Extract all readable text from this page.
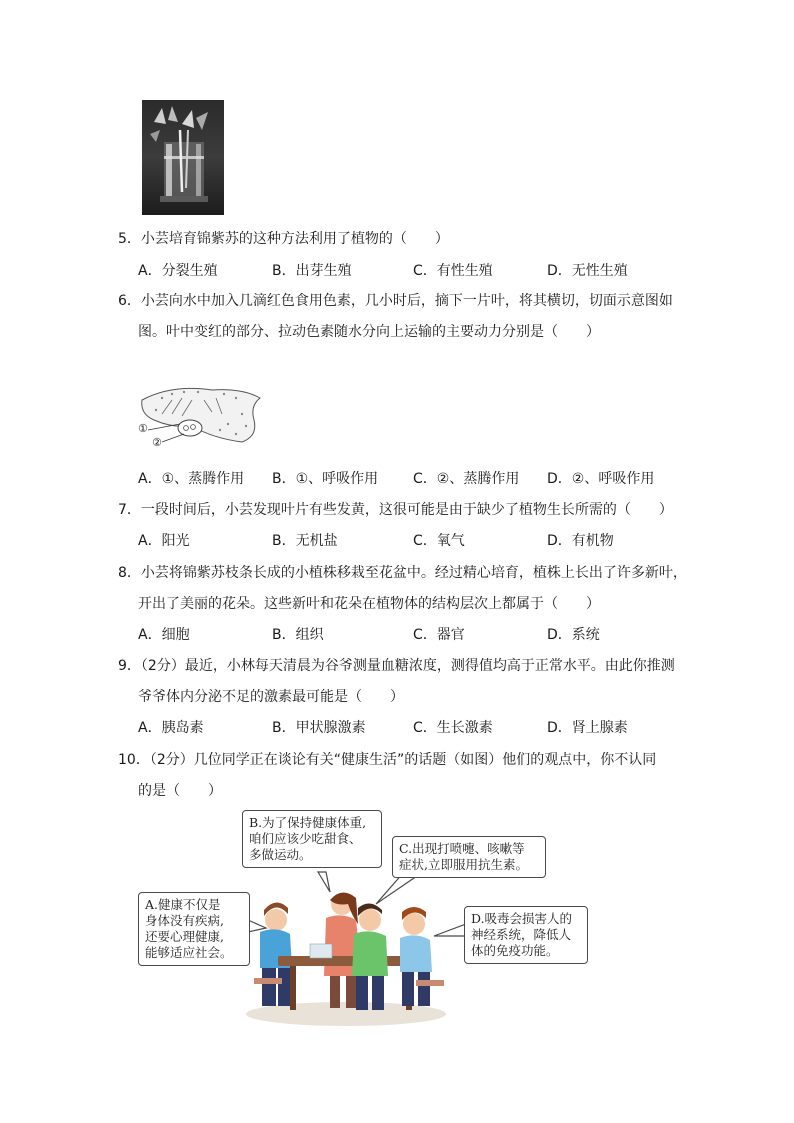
5．小芸培育锦紫苏的这种方法利用了植物的（　　）
A．分裂生殖	B．出芽生殖	C．有性生殖	D．无性生殖
6．小芸向水中加入几滴红色食用色素，几小时后，摘下一片叶，将其横切，切面示意图如
图。叶中变红的部分、拉动色素随水分向上运输的主要动力分别是（　　）
①
②
A．①、蒸腾作用 B．①、呼吸作用 C．②、蒸腾作用 D．②、呼吸作用
7．一段时间后，小芸发现叶片有些发黄，这很可能是由于缺少了植物生长所需的（　　）
A．阳光	B．无机盐	C．氧气	D．有机物
8．小芸将锦紫苏枝条长成的小植株移栽至花盆中。经过精心培育，植株上长出了许多新叶，
开出了美丽的花朵。这些新叶和花朵在植物体的结构层次上都属于（　　）
A．细胞	B．组织	C．器官	D．系统
9．（2分）最近，小林每天清晨为谷爷测量血糖浓度，测得值均高于正常水平。由此你推测
爷爷体内分泌不足的激素最可能是（　　）
A．胰岛素	B．甲状腺激素	C．生长激素	D．肾上腺素
10．（2分）几位同学正在谈论有关“健康生活”的话题（如图）他们的观点中，你不认同
的是（　　）
B.为了保持健康体重,
咱们应该少吃甜食、
多做运动。	C.出现打喷嚏、咳嗽等
症状,立即服用抗生素。
A.健康不仅是
身体没有疾病,
还要心理健康,
能够适应社会。
D.吸毒会损害人的
神经系统，降低人
体的免疫功能。
